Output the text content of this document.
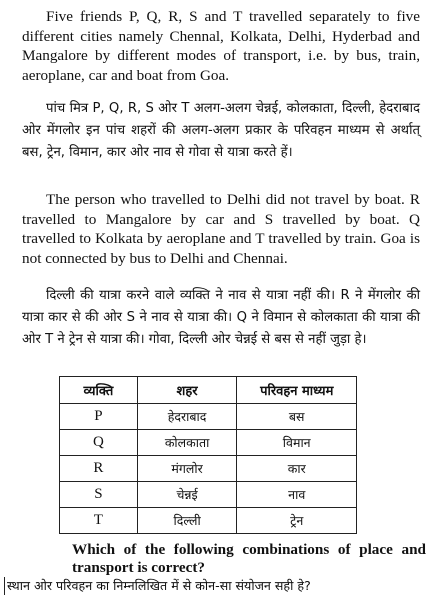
Five friends P, Q, R, S and T travelled separately to five different cities namely Chennal, Kolkata, Delhi, Hyderbad and Mangalore by different modes of transport, i.e. by bus, train, aeroplane, car and boat from Goa.

पांच मित्र P, Q, R, S ओर T अलग-अलग चेन्नई, कोलकाता, दिल्ली, हेदराबाद ओर मेंगलोर इन पांच शहरों की अलग-अलग प्रकार के परिवहन माध्यम से अर्थात् बस, ट्रेन, विमान, कार ओर नाव से गोवा से यात्रा करते हें।

The person who travelled to Delhi did not travel by boat. R travelled to Mangalore by car and S travelled by boat. Q travelled to Kolkata by aeroplane and T travelled by train. Goa is not connected by bus to Delhi and Chennai.

दिल्ली की यात्रा करने वाले व्यक्ति ने नाव से यात्रा नहीं की। R ने मेंगलोर की यात्रा कार से की ओर S ने नाव से यात्रा की। Q ने विमान से कोलकाता की यात्रा की ओर T ने ट्रेन से यात्रा की। गोवा, दिल्ली ओर चेन्नई से बस से नहीं जुड़ा हे।

व्यक्ति	शहर	परिवहन माध्यम
P	हेदराबाद	बस
Q	कोलकाता	विमान
R	मंगलोर	कार
S	चेन्नई	नाव
T	दिल्ली	ट्रेन

Which of the following combinations of place and transport is correct?

स्थान ओर परिवहन का निम्नलिखित में से कोन-सा संयोजन सही हे?
